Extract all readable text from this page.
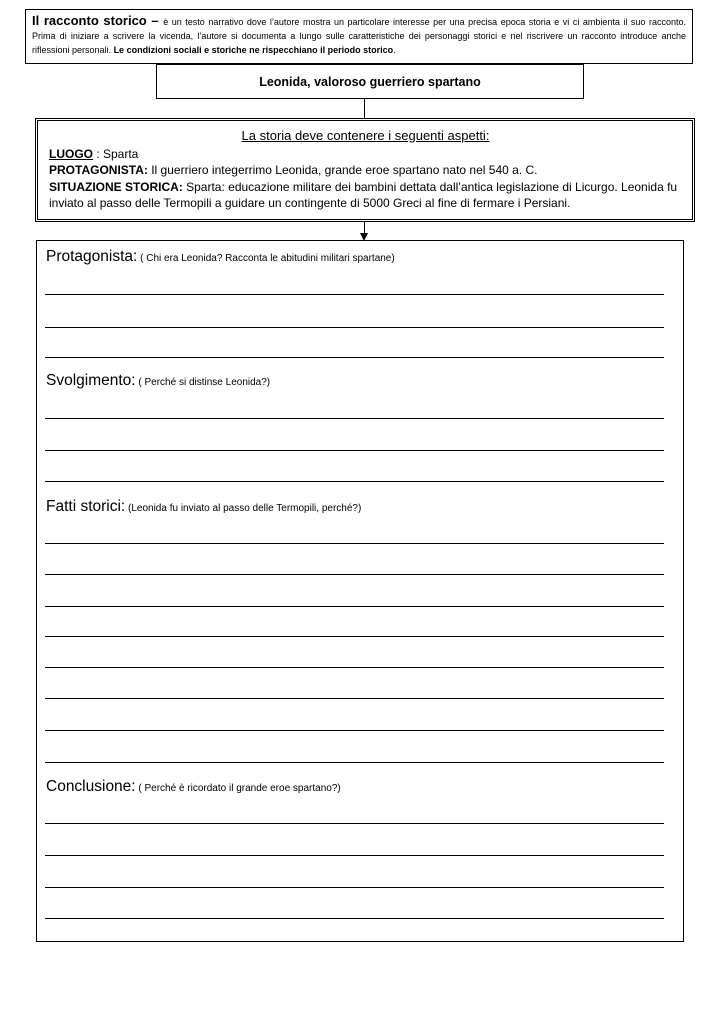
Il racconto storico – è un testo narrativo dove l’autore mostra un particolare interesse per una precisa epoca storia e vi ci ambienta il suo racconto. Prima di iniziare a scrivere la vicenda, l’autore si documenta a lungo sulle caratteristiche dei personaggi storici e nel riscrivere un racconto introduce anche riflessioni personali. Le condizioni sociali e storiche ne rispecchiano il periodo storico.
Leonida, valoroso guerriero spartano
La storia deve contenere i seguenti aspetti:
LUOGO : Sparta
PROTAGONISTA: Il guerriero integerrimo Leonida, grande eroe spartano nato nel 540 a. C.
SITUAZIONE STORICA: Sparta: educazione militare dei bambini dettata dall’antica legislazione di Licurgo. Leonida fu inviato al passo delle Termopili a guidare un contingente di 5000 Greci al fine di fermare i Persiani.
Protagonista: ( Chi era Leonida? Racconta le abitudini militari spartane)
Svolgimento: ( Perché si distinse Leonida?)
Fatti storici: (Leonida fu inviato al passo delle Termopili, perché?)
Conclusione: ( Perché è ricordato il grande eroe spartano?)
